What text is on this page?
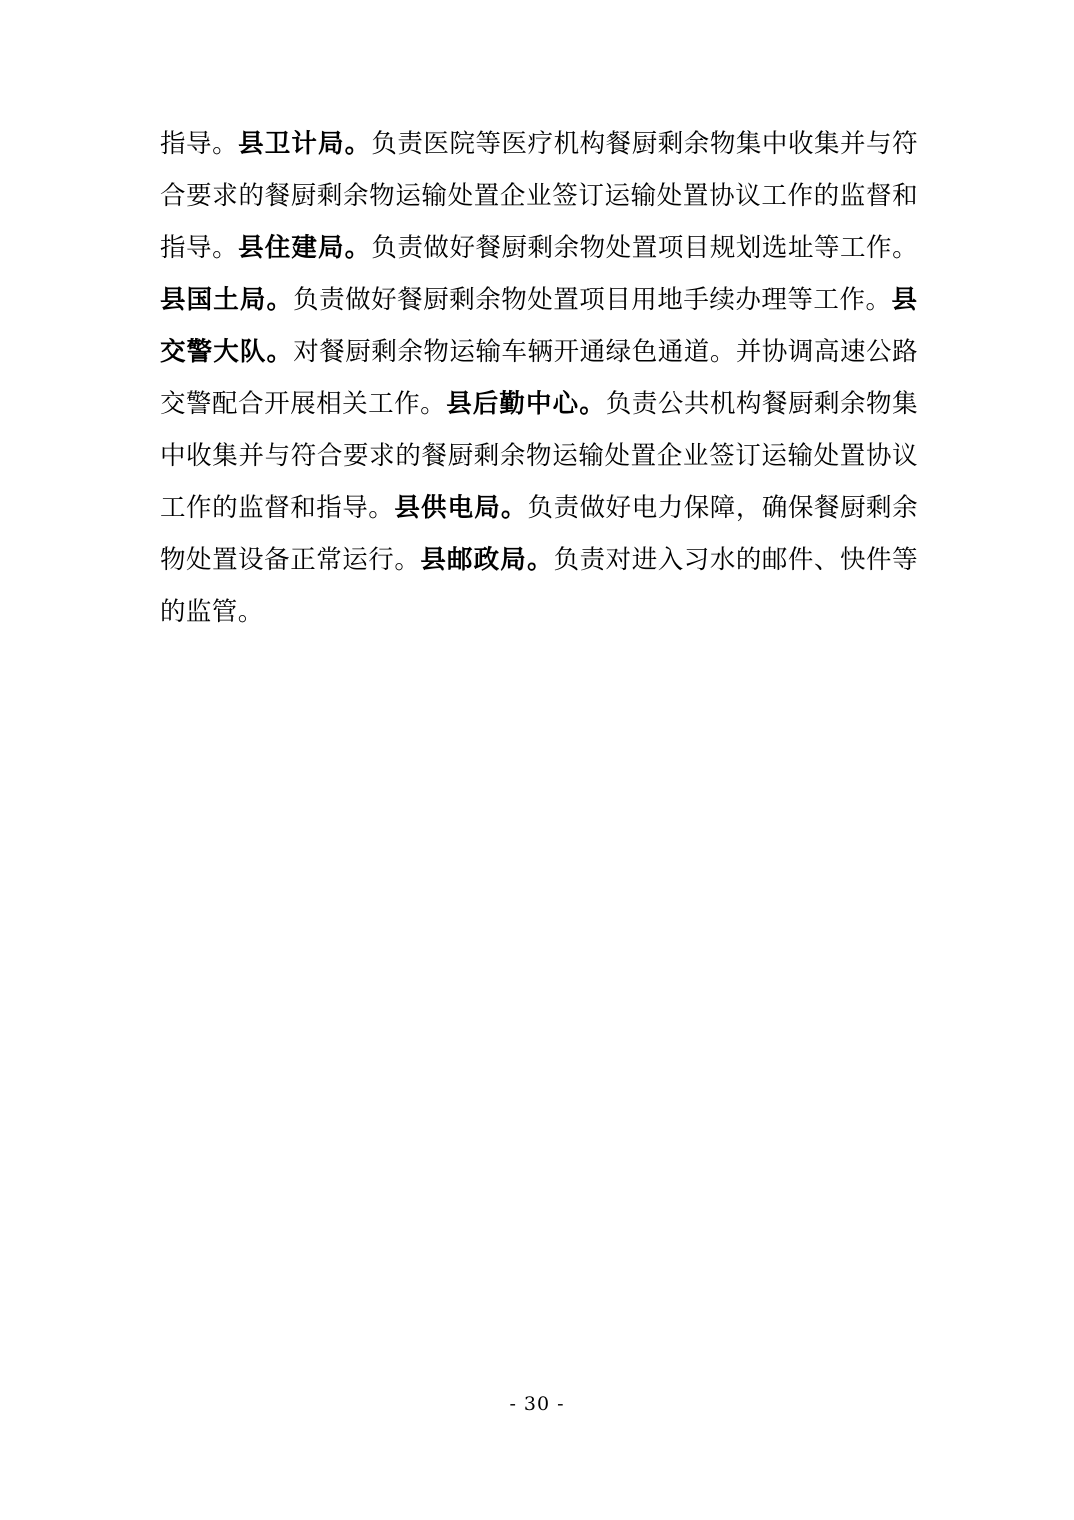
指导。县卫计局。负责医院等医疗机构餐厨剩余物集中收集并与符合要求的餐厨剩余物运输处置企业签订运输处置协议工作的监督和指导。县住建局。负责做好餐厨剩余物处置项目规划选址等工作。县国土局。负责做好餐厨剩余物处置项目用地手续办理等工作。县交警大队。对餐厨剩余物运输车辆开通绿色通道。并协调高速公路交警配合开展相关工作。县后勤中心。负责公共机构餐厨剩余物集中收集并与符合要求的餐厨剩余物运输处置企业签订运输处置协议工作的监督和指导。县供电局。负责做好电力保障，确保餐厨剩余物处置设备正常运行。县邮政局。负责对进入习水的邮件、快件等的监管。

- 30 -
